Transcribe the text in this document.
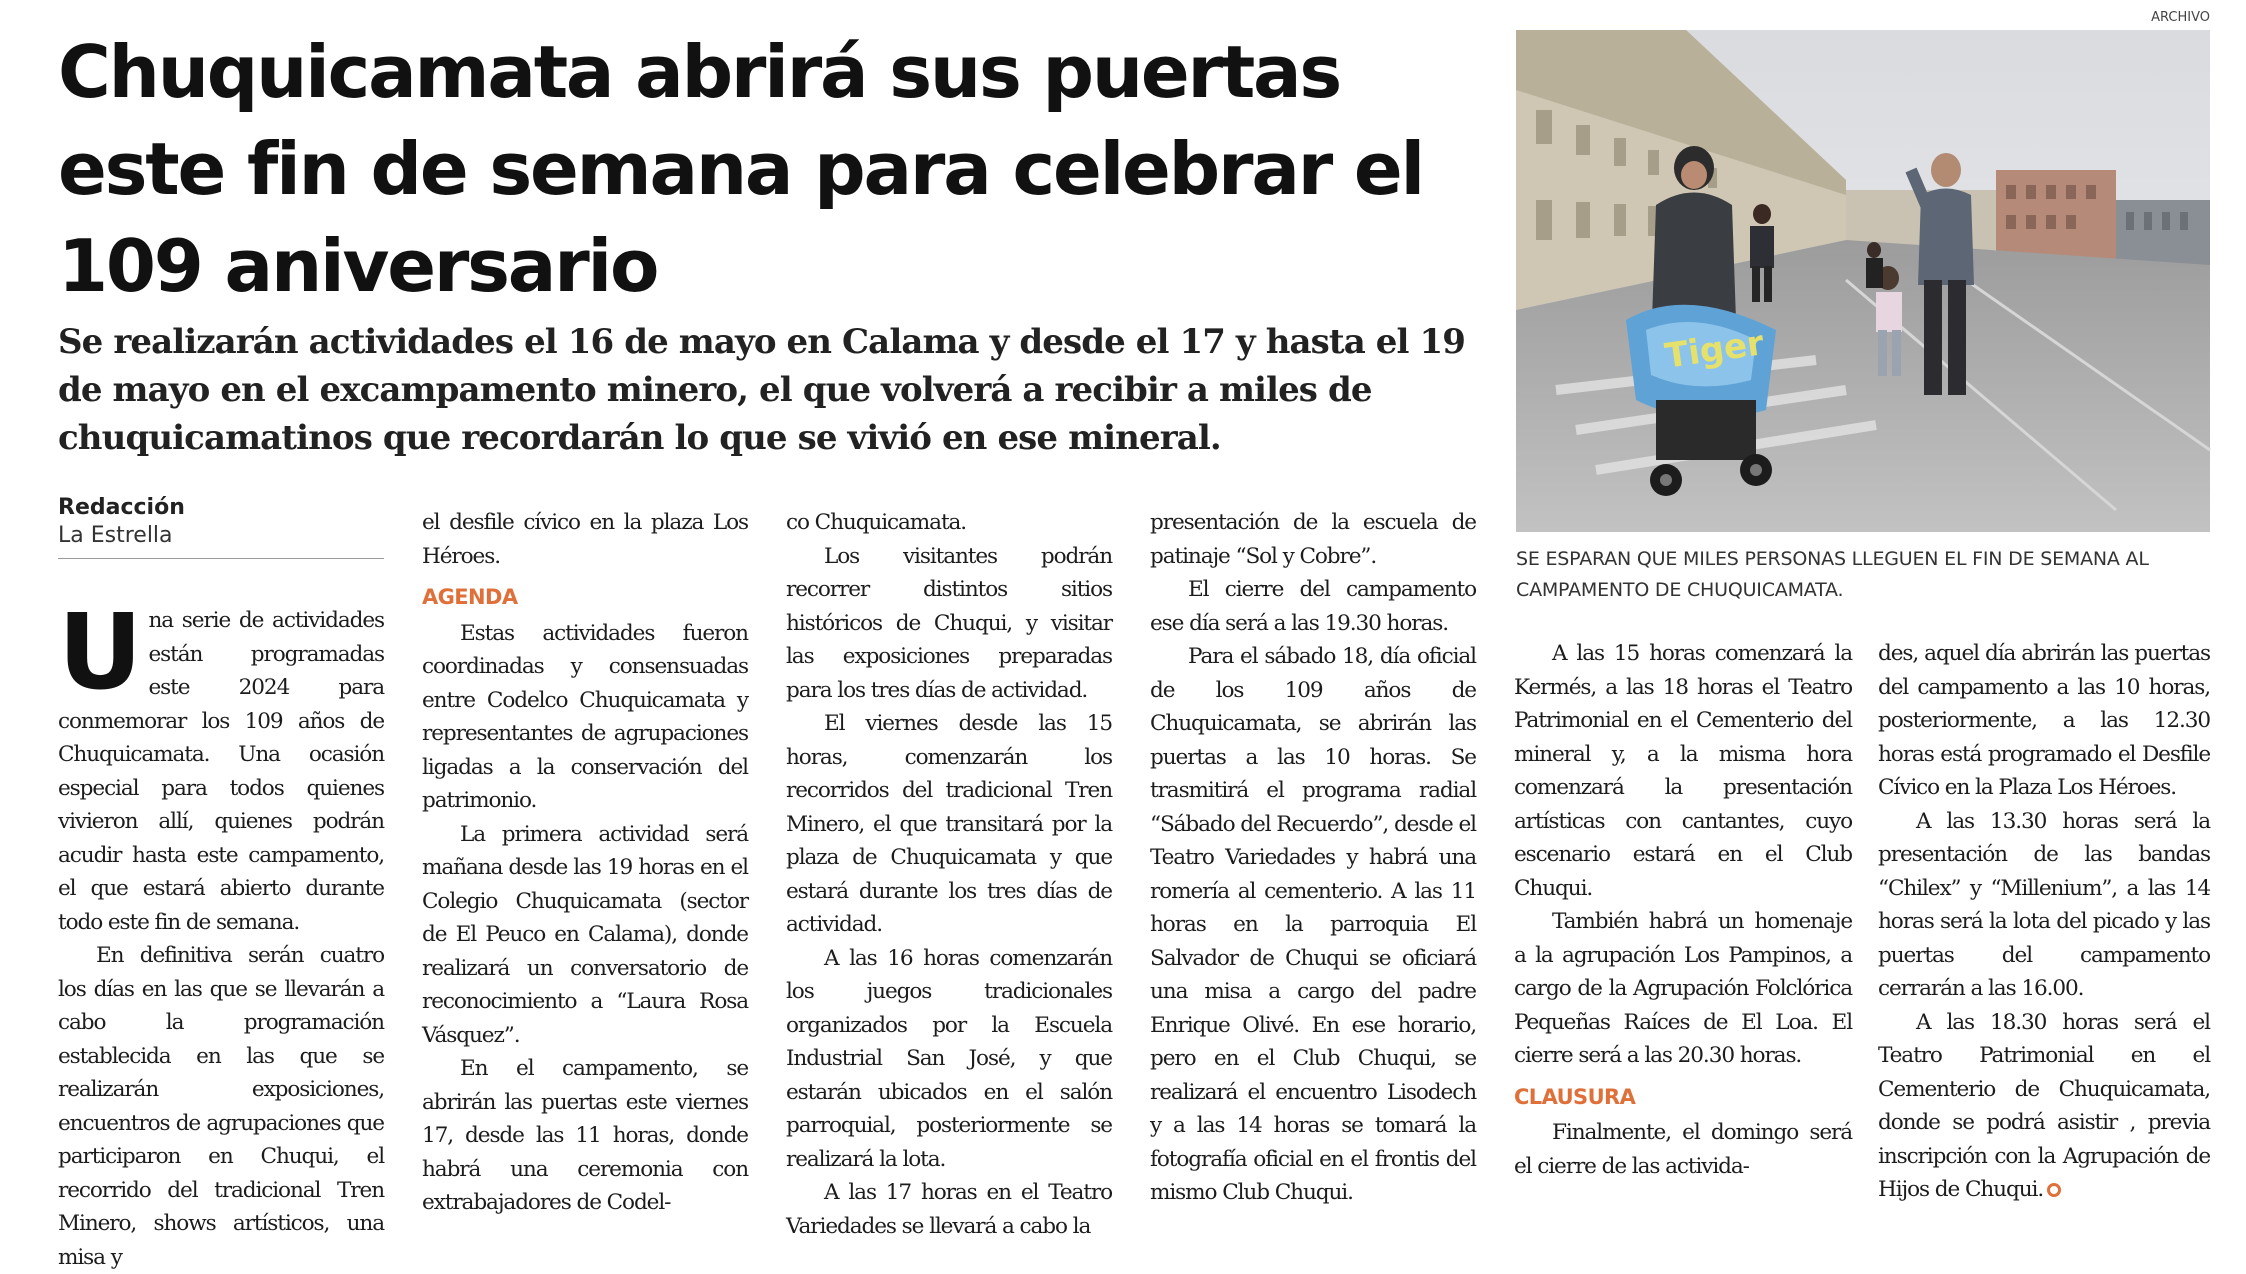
ARCHIVO
Chuquicamata abrirá sus puertas este fin de semana para celebrar el 109 aniversario

Se realizarán actividades el 16 de mayo en Calama y desde el 17 y hasta el 19 de mayo en el excampamento minero, el que volverá a recibir a miles de chuquicamatinos que recordarán lo que se vivió en ese mineral.

Redacción
La Estrella

Una serie de actividades están programadas este 2024 para conmemorar los 109 años de Chuquicamata. Una ocasión especial para todos quienes vivieron allí, quienes podrán acudir hasta este campamento, el que estará abierto durante todo este fin de semana.

En definitiva serán cuatro los días en las que se llevarán a cabo la programación establecida en las que se realizarán exposiciones, encuentros de agrupaciones que participaron en Chuqui, el recorrido del tradicional Tren Minero, shows artísticos, una misa y

el desfile cívico en la plaza Los Héroes.

AGENDA

Estas actividades fueron coordinadas y consensuadas entre Codelco Chuquicamata y representantes de agrupaciones ligadas a la conservación del patrimonio.

La primera actividad será mañana desde las 19 horas en el Colegio Chuquicamata (sector de El Peuco en Calama), donde realizará un conversatorio de reconocimiento a “Laura Rosa Vásquez”.

En el campamento, se abrirán las puertas este viernes 17, desde las 11 horas, donde habrá una ceremonia con extrabajadores de Codel-

co Chuquicamata.

Los visitantes podrán recorrer distintos sitios históricos de Chuqui, y visitar las exposiciones preparadas para los tres días de actividad.

El viernes desde las 15 horas, comenzarán los recorridos del tradicional Tren Minero, el que transitará por la plaza de Chuquicamata y que estará durante los tres días de actividad.

A las 16 horas comenzarán los juegos tradicionales organizados por la Escuela Industrial San José, y que estarán ubicados en el salón parroquial, posteriormente se realizará la lota.

A las 17 horas en el Teatro Variedades se llevará a cabo la

presentación de la escuela de patinaje “Sol y Cobre”.

El cierre del campamento ese día será a las 19.30 horas.

Para el sábado 18, día oficial de los 109 años de Chuquicamata, se abrirán las puertas a las 10 horas. Se trasmitirá el programa radial “Sábado del Recuerdo”, desde el Teatro Variedades y habrá una romería al cementerio. A las 11 horas en la parroquia El Salvador de Chuqui se oficiará una misa a cargo del padre Enrique Olivé. En ese horario, pero en el Club Chuqui, se realizará el encuentro Lisodech y a las 14 horas se tomará la fotografía oficial en el frontis del mismo Club Chuqui.

Tiger
SE ESPARAN QUE MILES PERSONAS LLEGUEN EL FIN DE SEMANA AL CAMPAMENTO DE CHUQUICAMATA.

A las 15 horas comenzará la Kermés, a las 18 horas el Teatro Patrimonial en el Cementerio del mineral y, a la misma hora comenzará la presentación artísticas con cantantes, cuyo escenario estará en el Club Chuqui.

También habrá un homenaje a la agrupación Los Pampinos, a cargo de la Agrupación Folclórica Pequeñas Raíces de El Loa. El cierre será a las 20.30 horas.

CLAUSURA

Finalmente, el domingo será el cierre de las activida-

des, aquel día abrirán las puertas del campamento a las 10 horas, posteriormente, a las 12.30 horas está programado el Desfile Cívico en la Plaza Los Héroes.

A las 13.30 horas será la presentación de las bandas “Chilex” y “Millenium”, a las 14 horas será la lota del picado y las puertas del campamento cerrarán a las 16.00.

A las 18.30 horas será el Teatro Patrimonial en el Cementerio de Chuquicamata, donde se podrá asistir , previa inscripción con la Agrupación de Hijos de Chuqui.
